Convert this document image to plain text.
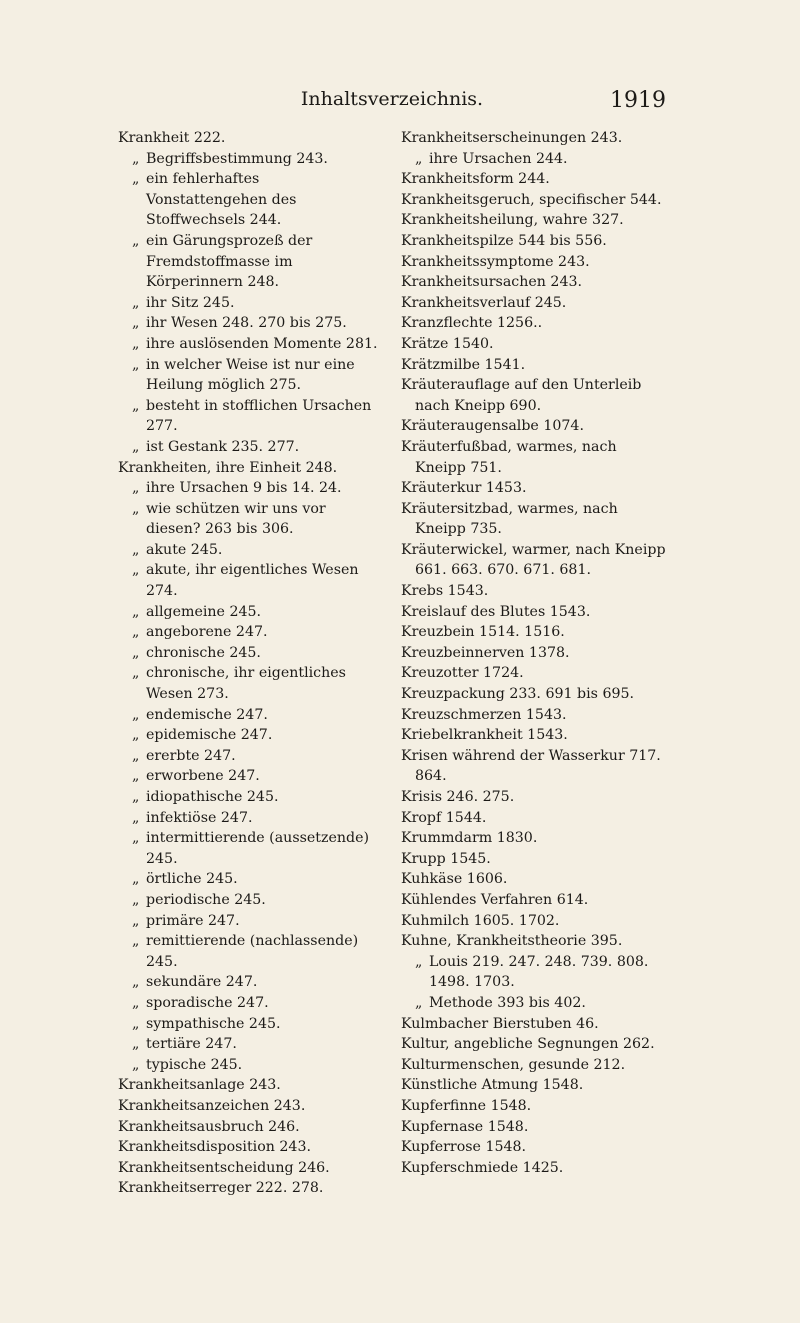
Inhaltsverzeichnis.	1919

Krankheit 222.

„ Begriffsbestimmung 243.

„ ein fehlerhaftes Vonstattengehen des Stoffwechsels 244.

„ ein Gärungsprozeß der Fremdstoffmasse im Körperinnern 248.

„ ihr Sitz 245.

„ ihr Wesen 248. 270 bis 275.

„ ihre auslösenden Momente 281.

„ in welcher Weise ist nur eine Heilung möglich 275.

„ besteht in stofflichen Ursachen 277.

„ ist Gestank 235. 277.

Krankheiten, ihre Einheit 248.

„ ihre Ursachen 9 bis 14. 24.

„ wie schützen wir uns vor diesen? 263 bis 306.

„ akute 245.

„ akute, ihr eigentliches Wesen 274.

„ allgemeine 245.

„ angeborene 247.

„ chronische 245.

„ chronische, ihr eigentliches Wesen 273.

„ endemische 247.

„ epidemische 247.

„ ererbte 247.

„ erworbene 247.

„ idiopathische 245.

„ infektiöse 247.

„ intermittierende (aussetzende) 245.

„ örtliche 245.

„ periodische 245.

„ primäre 247.

„ remittierende (nachlassende) 245.

„ sekundäre 247.

„ sporadische 247.

„ sympathische 245.

„ tertiäre 247.

„ typische 245.

Krankheitsanlage 243.

Krankheitsanzeichen 243.

Krankheitsausbruch 246.

Krankheitsdisposition 243.

Krankheitsentscheidung 246.

Krankheitserreger 222. 278.

Krankheitserscheinungen 243.

„ ihre Ursachen 244.

Krankheitsform 244.

Krankheitsgeruch, specifischer 544.

Krankheitsheilung, wahre 327.

Krankheitspilze 544 bis 556.

Krankheitssymptome 243.

Krankheitsursachen 243.

Krankheitsverlauf 245.

Kranzflechte 1256..

Krätze 1540.

Krätzmilbe 1541.

Kräuterauflage auf den Unterleib nach Kneipp 690.

Kräuteraugensalbe 1074.

Kräuterfußbad, warmes, nach Kneipp 751.

Kräuterkur 1453.

Kräutersitzbad, warmes, nach Kneipp 735.

Kräuterwickel, warmer, nach Kneipp 661. 663. 670. 671. 681.

Krebs 1543.

Kreislauf des Blutes 1543.

Kreuzbein 1514. 1516.

Kreuzbeinnerven 1378.

Kreuzotter 1724.

Kreuzpackung 233. 691 bis 695.

Kreuzschmerzen 1543.

Kriebelkrankheit 1543.

Krisen während der Wasserkur 717. 864.

Krisis 246. 275.

Kropf 1544.

Krummdarm 1830.

Krupp 1545.

Kuhkäse 1606.

Kühlendes Verfahren 614.

Kuhmilch 1605. 1702.

Kuhne, Krankheitstheorie 395.

„ Louis 219. 247. 248. 739. 808. 1498. 1703.

„ Methode 393 bis 402.

Kulmbacher Bierstuben 46.

Kultur, angebliche Segnungen 262.

Kulturmenschen, gesunde 212.

Künstliche Atmung 1548.

Kupferfinne 1548.

Kupfernase 1548.

Kupferrose 1548.

Kupferschmiede 1425.
